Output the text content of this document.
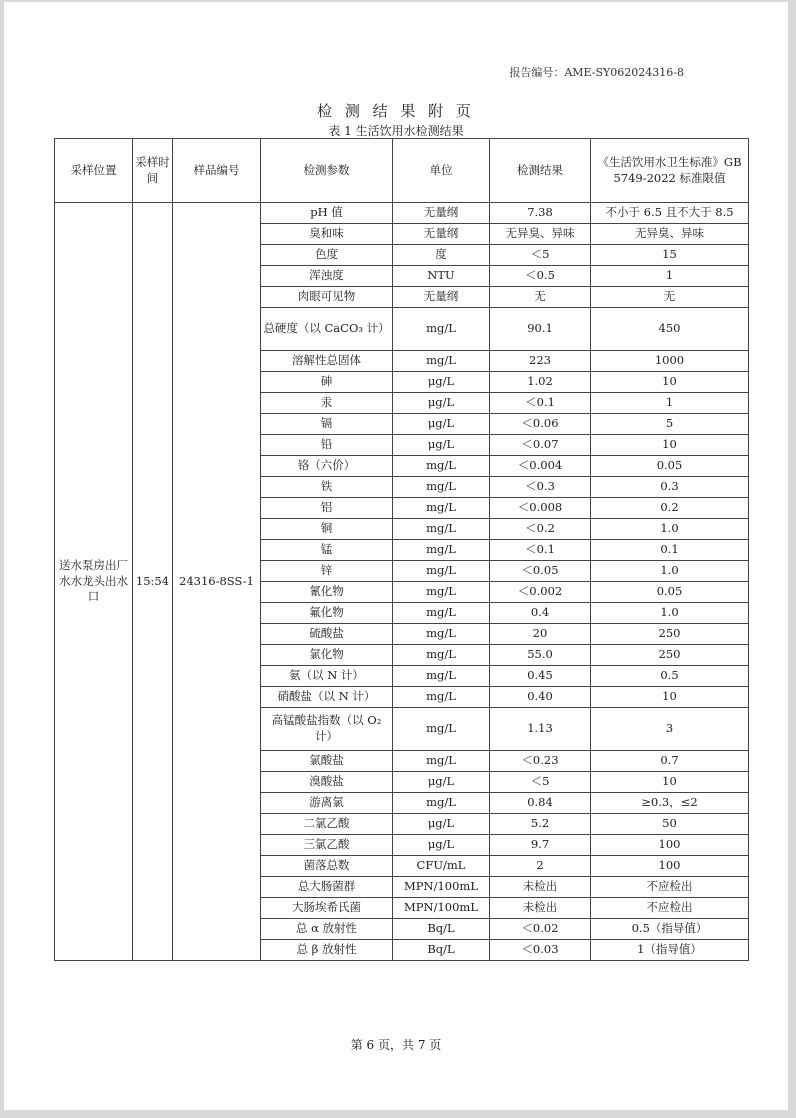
报告编号：AME-SY062024316-8
检 测 结 果 附 页
表 1 生活饮用水检测结果
采样位置	采样时间	样品编号	检测参数	单位	检测结果	《生活饮用水卫生标准》GB 5749-2022 标准限值
送水泵房出厂水水龙头出水口	15:54	24316-8SS-1	pH 值	无量纲	7.38	不小于 6.5 且不大于 8.5
			臭和味	无量纲	无异臭、异味	无异臭、异味
			色度	度	＜5	15
			浑浊度	NTU	＜0.5	1
			肉眼可见物	无量纲	无	无
			总硬度（以 CaCO₃ 计）	mg/L	90.1	450
			溶解性总固体	mg/L	223	1000
			砷	μg/L	1.02	10
			汞	μg/L	＜0.1	1
			镉	μg/L	＜0.06	5
			铅	μg/L	＜0.07	10
			铬（六价）	mg/L	＜0.004	0.05
			铁	mg/L	＜0.3	0.3
			铝	mg/L	＜0.008	0.2
			铜	mg/L	＜0.2	1.0
			锰	mg/L	＜0.1	0.1
			锌	mg/L	＜0.05	1.0
			氰化物	mg/L	＜0.002	0.05
			氟化物	mg/L	0.4	1.0
			硫酸盐	mg/L	20	250
			氯化物	mg/L	55.0	250
			氨（以 N 计）	mg/L	0.45	0.5
			硝酸盐（以 N 计）	mg/L	0.40	10
			高锰酸盐指数（以 O₂ 计）	mg/L	1.13	3
			氯酸盐	mg/L	＜0.23	0.7
			溴酸盐	μg/L	＜5	10
			游离氯	mg/L	0.84	≥0.3，≤2
			二氯乙酸	μg/L	5.2	50
			三氯乙酸	μg/L	9.7	100
			菌落总数	CFU/mL	2	100
			总大肠菌群	MPN/100mL	未检出	不应检出
			大肠埃希氏菌	MPN/100mL	未检出	不应检出
			总 α 放射性	Bq/L	＜0.02	0.5（指导值）
			总 β 放射性	Bq/L	＜0.03	1（指导值）
第 6 页，共 7 页
